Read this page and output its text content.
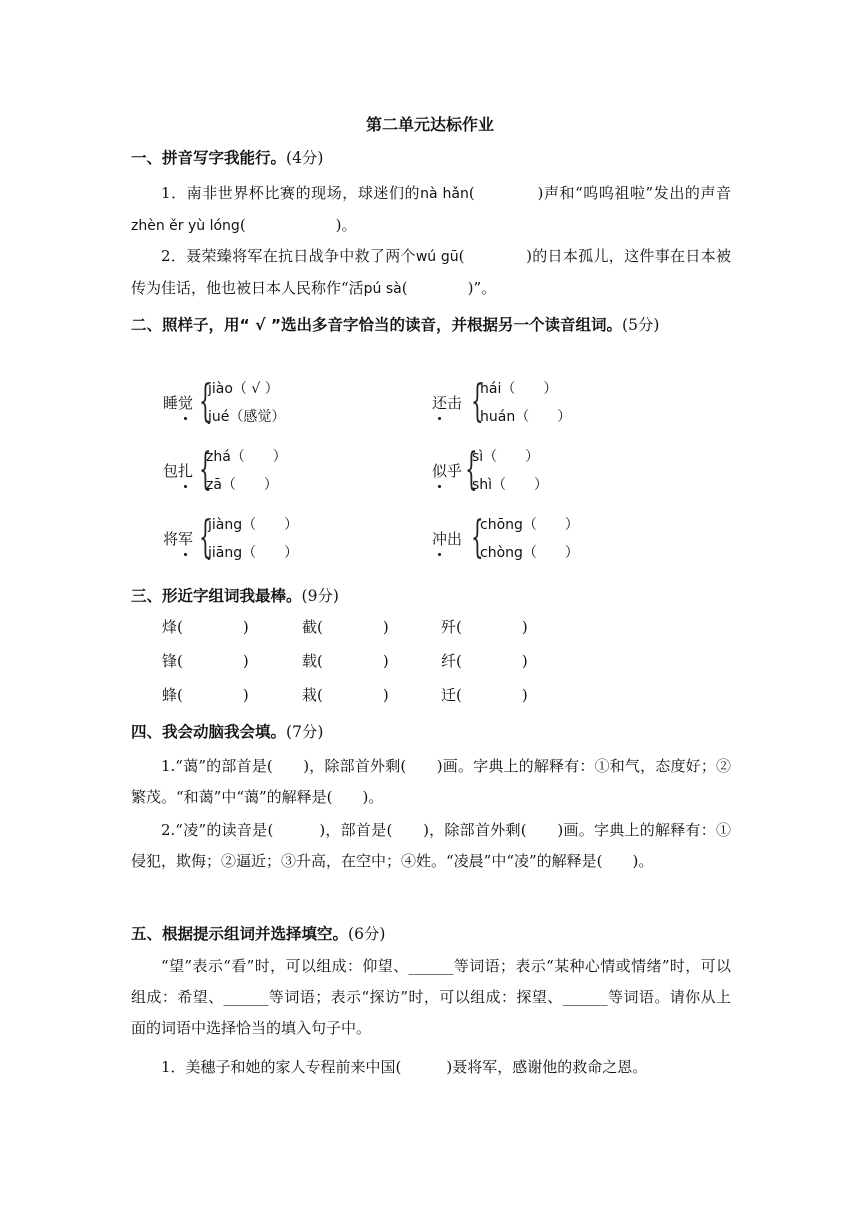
第二单元达标作业
一、拼音写字我能行。(4分)
1．南非世界杯比赛的现场，球迷们的nà hǎn(　　　　)声和“呜呜祖啦”发出的声音zhèn ěr yù lóng(　　　　　　)。
2．聂荣臻将军在抗日战争中救了两个wú gū(　　　　)的日本孤儿，这件事在日本被传为佳话，他也被日本人民称作“活pú sà(　　　　)”。
二、照样子，用“ √ ”选出多音字恰当的读音，并根据另一个读音组词。(5分)
睡觉 {
jiào（ √ ）
jué（感觉）
还击 {
hái（　　）
huán（　　）
包扎 {
zhá（　　）
zā（　　）
似乎 {
sì（　　）
shì（　　）
将军 {
jiàng（　　）
jiāng（　　）
冲出 {
chōng（　　）
chòng（　　）
三、形近字组词我最棒。(9分)
烽(　　　　)	截(　　　　)	歼(　　　　)
锋(　　　　)	载(　　　　)	纤(　　　　)
蜂(　　　　)	栽(　　　　)	迁(　　　　)
四、我会动脑我会填。(7分)
1.“蔼”的部首是(　　)，除部首外剩(　　)画。字典上的解释有：①和气，态度好；②繁茂。“和蔼”中“蔼”的解释是(　　)。
2.“凌”的读音是(　　　)，部首是(　　)，除部首外剩(　　)画。字典上的解释有：①侵犯，欺侮；②逼近；③升高，在空中；④姓。“凌晨”中“凌”的解释是(　　)。
五、根据提示组词并选择填空。(6分)
“望”表示“看”时，可以组成：仰望、______等词语；表示“某种心情或情绪”时，可以组成：希望、______等词语；表示“探访”时，可以组成：探望、______等词语。请你从上面的词语中选择恰当的填入句子中。
1．美穗子和她的家人专程前来中国(　　　)聂将军，感谢他的救命之恩。
